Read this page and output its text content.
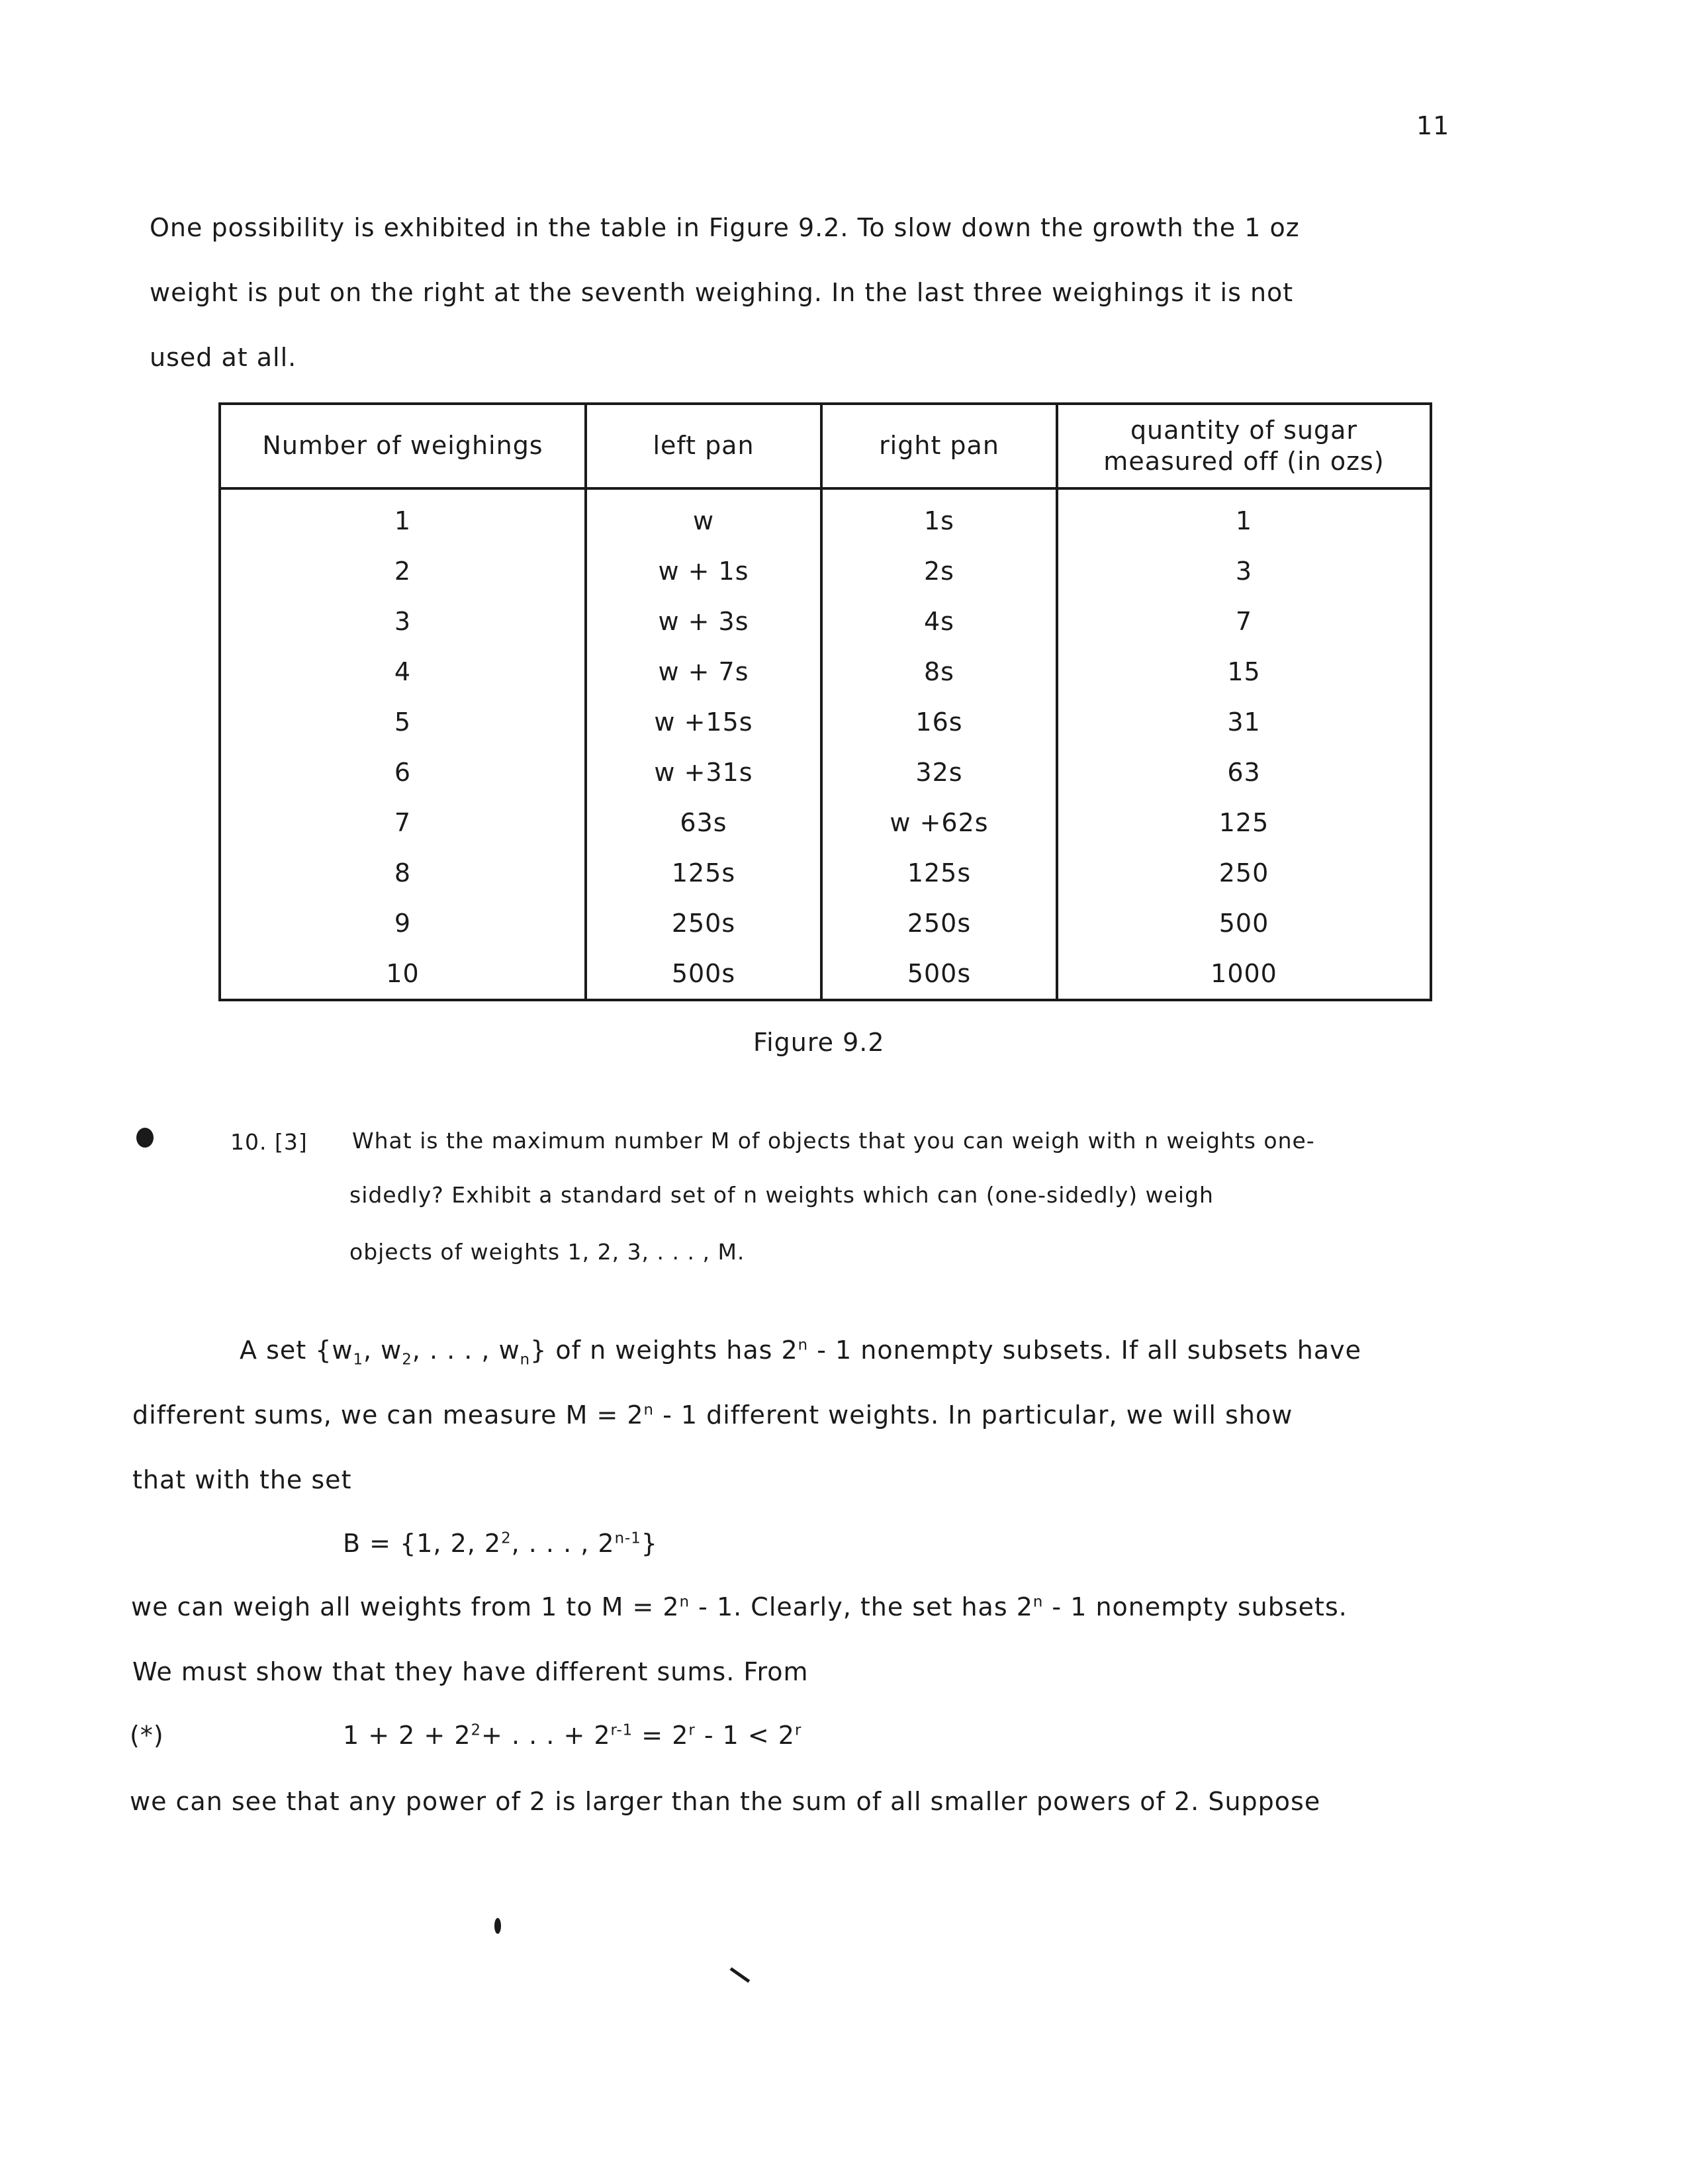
11
One possibility is exhibited in the table in Figure 9.2. To slow down the growth the 1 oz
weight is put on the right at the seventh weighing. In the last three weighings it is not
used at all.
Number of weighings	left pan	right pan	quantity of sugar
measured off (in ozs)

1	w	1s	1
2	w + 1s	2s	3
3	w + 3s	4s	7
4	w + 7s	8s	15
5	w +15s	16s	31
6	w +31s	32s	63
7	63s	w +62s	125
8	125s	125s	250
9	250s	250s	500
10	500s	500s	1000
Figure 9.2
10. [3] What is the maximum number M of objects that you can weigh with n weights one-
sidedly? Exhibit a standard set of n weights which can (one-sidedly) weigh
objects of weights 1, 2, 3, . . . , M.
A set {$w_1$, $w_2$, . . . , $w_n$} of n weights has 2$^n$ - 1 nonempty subsets. If all subsets have
different sums, we can measure $M = 2^n - 1$ different weights. In particular, we will show
that with the set
B = {1, 2, $2^2$, . . . , 2$^{n-1}$}
we can weigh all weights from 1 to $M = 2^n - 1$. Clearly, the set has 2$^n$ - 1 nonempty subsets.
We must show that they have different sums. From
(*)	$1 + 2 + 2^2+$ . . . + $2^{r-1} = 2^r - 1 < 2^r$
we can see that any power of 2 is larger than the sum of all smaller powers of 2. Suppose
